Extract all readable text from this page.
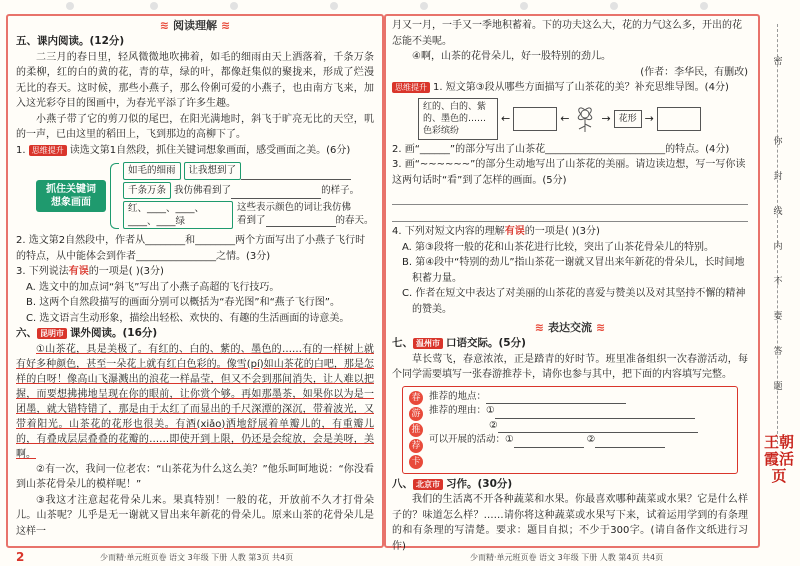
≋ 阅读理解 ≋
五、课内阅读。(12分)
二三月的春日里，轻风微微地吹拂着，如毛的细雨由天上洒落着，千条万条的柔柳，红的白的黄的花，青的草，绿的叶，都像赶集似的聚拢来，形成了烂漫无比的春天。这时候，那些小燕子，那么伶俐可爱的小燕子，也由南方飞来，加入这光彩夺目的图画中，为春光平添了许多生趣。
小燕子带了它的剪刀似的尾巴，在阳光满地时，斜飞于旷亮无比的天空，叽的一声，已由这里的稻田上，飞到那边的高柳下了。
1. 思维提升 读选文第1自然段，抓住关键词想象画面，感受画面之美。(6分)
抓住关键词想象画面
如毛的细雨 让我想到了
千条万条 我仿佛看到了	的样子。
红、____、____、____、____绿
这些表示颜色的词让我仿佛
看到了	的春天。
2. 选文第2自然段中，作者从________和________两个方面写出了小燕子飞行时的特点，从中能体会到作者________________之情。(3分)
3. 下列说法有误的一项是( )(3分)
A. 选文中的加点词“斜飞”写出了小燕子高超的飞行技巧。
B. 这两个自然段描写的画面分别可以概括为“春光图”和“燕子飞行图”。
C. 选文语言生动形象，描绘出轻松、欢快的、有趣的生活画面的诗意美。
六、 昆明市 课外阅读。(16分)
①山茶花，具是美极了。有红的、白的、紫的、墨色的……有的一样树上就有好多种颜色，甚至一朵花上就有红白色彩的。像雪(pí)如山茶花的白吧，那是怎样的白呀！像高山飞瀑溅出的浪花一样晶莹，但又不会到那间消失，让人难以把握，而要想拂拂地呈现在你的眼前，让你赏个够。再如那墨茶，如果你以为是一团墨，就大错特错了，那是由于太红了而显出的千尺深潭的深沉，带着波光，又带着阳光。山茶花的花形也很美。有酒(xiǎo)洒地舒展着单瓣儿的，有重瓣儿的，有叠成层层叠叠的花瓣的……即使开到上限，仍还是会绽放，会是美呀，美啊。
②有一次，我问一位老农：“山茶花为什么这么美？”他乐呵呵地说：“你没看到山茶花骨朵儿的模样呢！”
③我这才注意起花骨朵儿来。果真特别！一般的花，开放前不久才打骨朵儿。山茶呢？儿乎是无一谢就又冒出来年新花的骨朵儿。原来山茶的花骨朵儿是这样一
2	少而精·单元班页卷 语文 3年级 下册 人教 第3页 共4页
月又一月，一手又一季地积蓄着。下的功夫这么大，花的力气这么多，开出的花怎能不美呢。
④啊，山茶的花骨朵儿，好一股特别的劲儿。
(作者：李华民，有删改)
思维提升 1. 短文第③段从哪些方面描写了山茶花的美？补充思维导图。(4分)
红的、白的、紫的、墨色的……色彩缤纷
←	←	→ 花形 →
2. 画“______”的部分写出了山茶花________________________的特点。(4分)
3. 画“~~~~~~”的部分生动地写出了山茶花的美丽。请边读边想，写一写你读这两句话时“看”到了怎样的画面。(5分)
4. 下列对短文内容的理解有误的一项是( )(3分)
A. 第③段将一般的花和山茶花进行比较，突出了山茶花骨朵儿的特别。
B. 第④段中“特别的劲儿”指山茶花一谢就又冒出来年新花的骨朵儿，长时间地积蓄力量。
C. 作者在短文中表达了对美丽的山茶花的喜爱与赞美以及对其坚持不懈的精神的赞美。
≋ 表达交流 ≋
七、 温州市 口语交际。(5分)
草长莺飞，春意浓浓，正是踏青的好时节。班里准备组织一次春游活动，每个同学需要填写一张春游推荐卡，请你也参与其中，把下面的内容填写完整。
春
游
推
荐
卡
推荐的地点：
推荐的理由：①
②
可以开展的活动：①	②
八、 北京市 习作。(30分)
我们的生活离不开各种蔬菜和水果。你最喜欢哪种蔬菜或水果？它是什么样子的？味道怎么样？……请你将这种蔬菜或水果写下来，试着运用学到的有条理的和有条理的写清楚。要求：题目自拟；不少于300字。(请自备作文纸进行习作)
少而精·单元班页卷 语文 3年级 下册 人教 第4页 共4页
密
你
封
线
内
不
要
答
题
王朝霞活页
